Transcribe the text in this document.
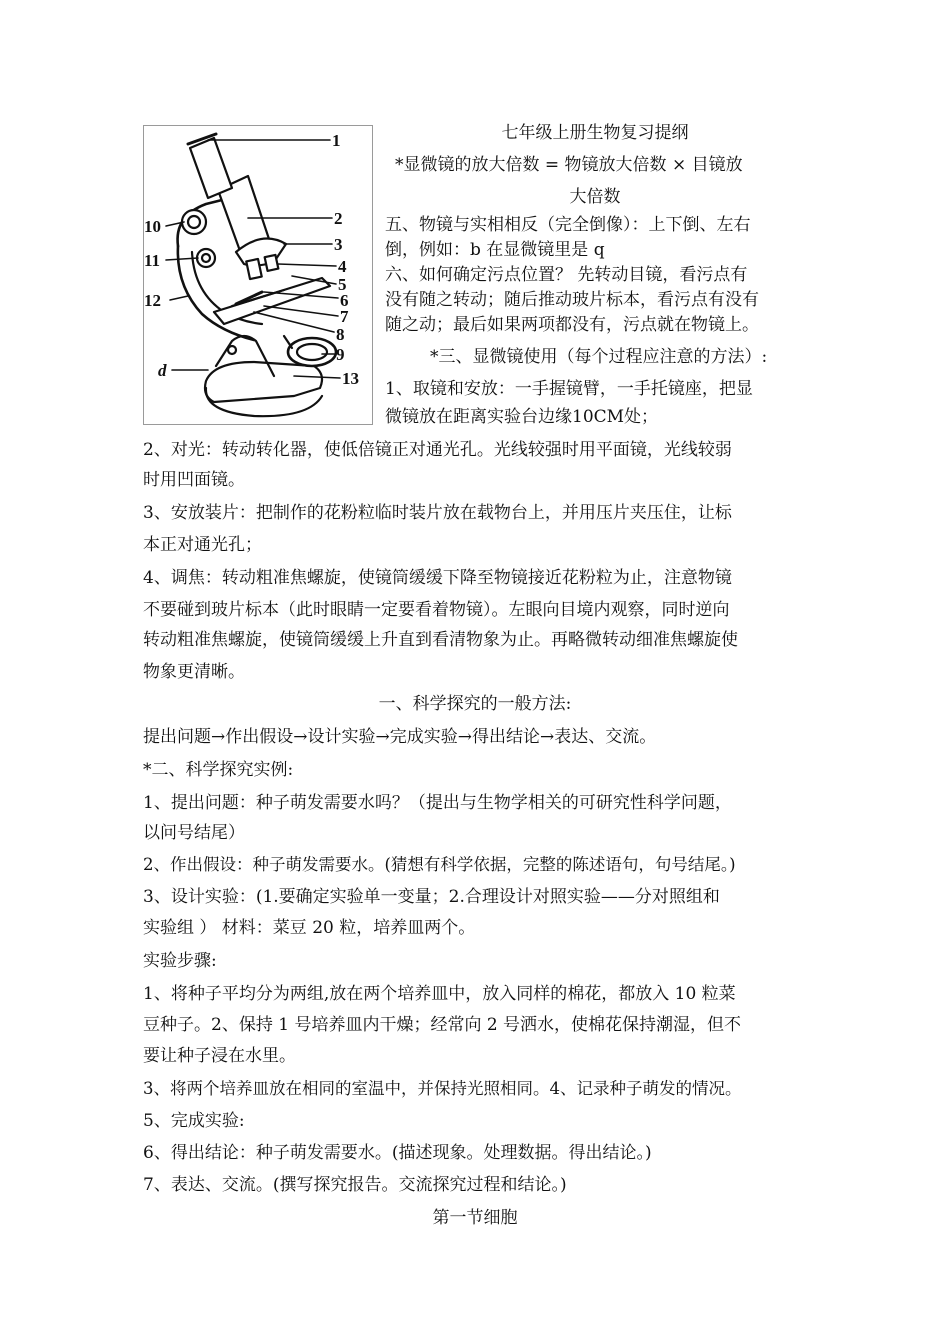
1
2
3
4
5
6
7
8
9
10
11
12
13
d
七年级上册生物复习提纲
*显微镜的放大倍数 = 物镜放大倍数 × 目镜放
大倍数
五、物镜与实相相反（完全倒像）：上下倒、左右
倒，例如：b 在显微镜里是 q
六、如何确定污点位置？ 先转动目镜，看污点有
没有随之转动；随后推动玻片标本，看污点有没有
随之动；最后如果两项都没有，污点就在物镜上。
*三、显微镜使用（每个过程应注意的方法）:
1、取镜和安放：一手握镜臂，一手托镜座，把显
微镜放在距离实验台边缘10CM处；
2、对光：转动转化器，使低倍镜正对通光孔。光线较强时用平面镜，光线较弱
时用凹面镜。
3、安放装片：把制作的花粉粒临时装片放在载物台上，并用压片夹压住，让标
本正对通光孔；
4、调焦：转动粗准焦螺旋，使镜筒缓缓下降至物镜接近花粉粒为止，注意物镜
不要碰到玻片标本（此时眼睛一定要看着物镜）。左眼向目境内观察，同时逆向
转动粗准焦螺旋，使镜筒缓缓上升直到看清物象为止。再略微转动细准焦螺旋使
物象更清晰。
一、科学探究的一般方法:
提出问题→作出假设→设计实验→完成实验→得出结论→表达、交流。
*二、科学探究实例:
1、提出问题：种子萌发需要水吗？（提出与生物学相关的可研究性科学问题，
以问号结尾）
2、作出假设：种子萌发需要水。(猜想有科学依据，完整的陈述语句，句号结尾。)
3、设计实验：(1.要确定实验单一变量；2.合理设计对照实验——分对照组和
实验组 ） 材料：菜豆 20 粒，培养皿两个。
实验步骤:
1、将种子平均分为两组,放在两个培养皿中，放入同样的棉花，都放入 10 粒菜
豆种子。2、保持 1 号培养皿内干燥；经常向 2 号洒水，使棉花保持潮湿，但不
要让种子浸在水里。
3、将两个培养皿放在相同的室温中，并保持光照相同。4、记录种子萌发的情况。
5、完成实验:
6、得出结论：种子萌发需要水。(描述现象。处理数据。得出结论。)
7、表达、交流。(撰写探究报告。交流探究过程和结论。)
第一节细胞
